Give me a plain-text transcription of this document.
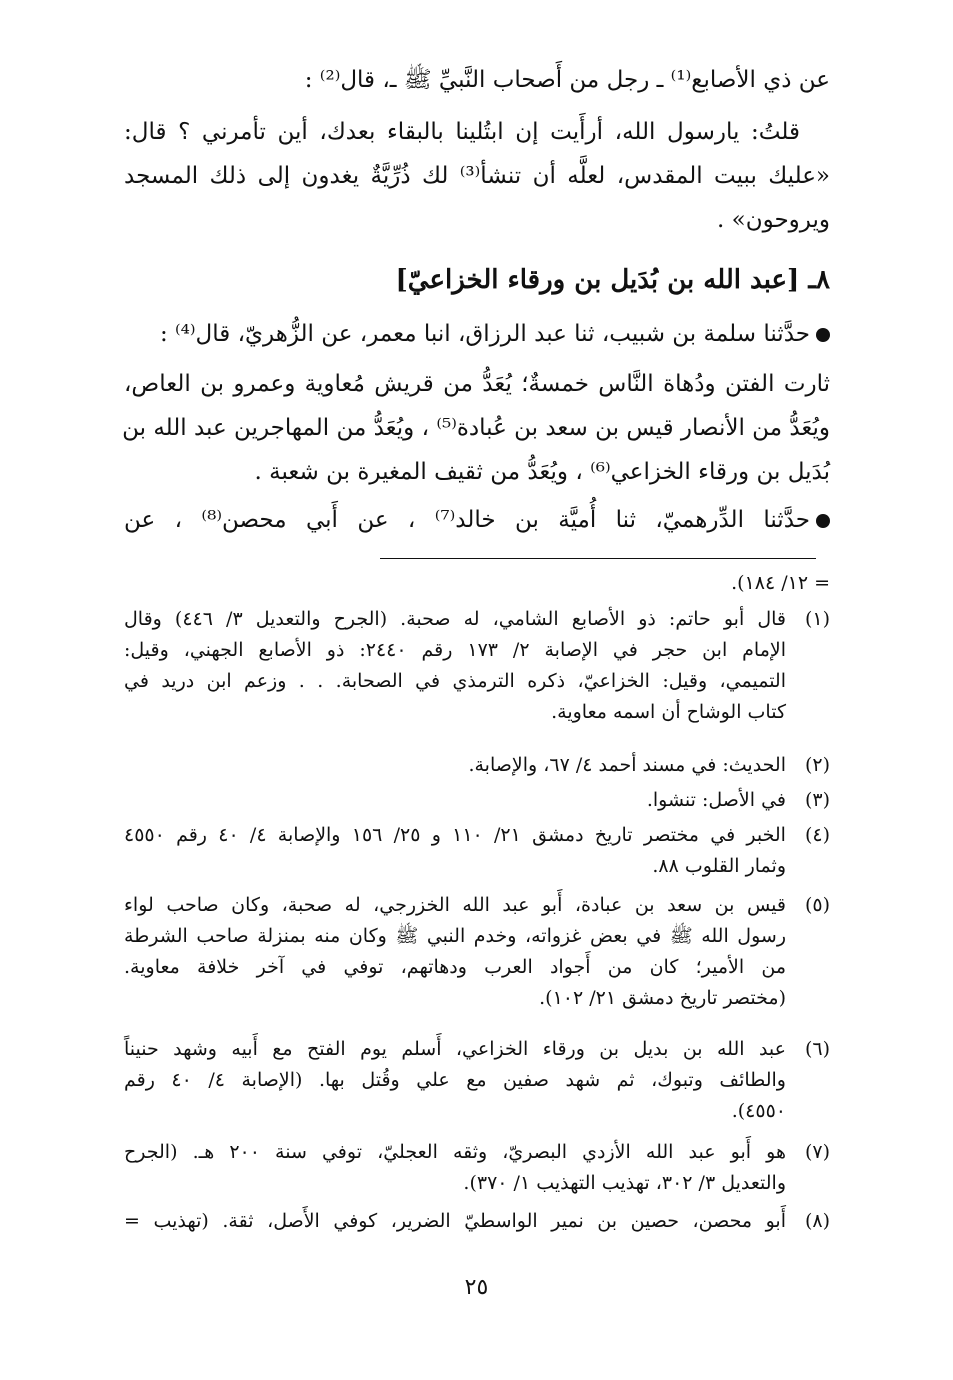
عن ذي الأصابع⁽¹⁾ ـ رجل من أَصحاب النَّبيِّ ﷺ ـ، قال⁽²⁾ :
قلتُ: يارسول الله، أرأَيت إن ابتُلينا بالبقاء بعدك، أين تأمرني ؟ قال:
«عليك ببيت المقدس، لعلَّه أن تنشأ⁽³⁾ لك ذُرِّيَّةٌ يغدون إلى ذلك المسجد
ويروحون» .
٨ـ [عبد الله بن بُدَيل بن ورقاء الخزاعيّ]
حدَّثنا سلمة بن شبيب، ثنا عبد الرزاق، انبا معمر، عن الزُّهريّ، قال⁽⁴⁾ :
ثارت الفتن ودُهاة النَّاس خمسةٌ؛ يُعَدُّ من قريش مُعاوية وعمرو بن العاص،
ويُعَدُّ من الأنصار قيس بن سعد بن عُبادة⁽⁵⁾ ، ويُعَدُّ من المهاجرين عبد الله بن
بُدَيل بن ورقاء الخزاعي⁽⁶⁾ ، ويُعَدُّ من ثقيف المغيرة بن شعبة .
حدَّثنا الدِّرهميّ، ثنا أُميَّة بن خالد⁽⁷⁾ ، عن أَبي محصن⁽⁸⁾ ، عن
= ١٢/ ١٨٤).
(١)
قال أبو حاتم: ذو الأصابع الشامي، له صحبة. (الجرح والتعديل ٣/ ٤٤٦) وقال
الإمام ابن حجر في الإصابة ٢/ ١٧٣ رقم ٢٤٤٠: ذو الأصابع الجهني، وقيل:
التميمي، وقيل: الخزاعيّ، ذكره الترمذي في الصحابة. . . وزعم ابن دريد في
كتاب الوشاح أن اسمه معاوية.
(٢)
الحديث: في مسند أحمد ٤/ ٦٧، والإصابة.
(٣)
في الأصل: تنشوا.
(٤)
الخبر في مختصر تاريخ دمشق ٢١/ ١١٠ و ٢٥/ ١٥٦ والإصابة ٤/ ٤٠ رقم ٤٥٥٠
وثمار القلوب ٨٨.
(٥)
قيس بن سعد بن عبادة، أَبو عبد الله الخزرجي، له صحبة، وكان صاحب لواء
رسول الله ﷺ في بعض غزواته، وخدم النبي ﷺ وكان منه بمنزلة صاحب الشرطة
من الأمير؛ كان من أَجواد العرب ودهاتهم، توفي في آخر خلافة معاوية.
(مختصر تاريخ دمشق ٢١/ ١٠٢).
(٦)
عبد الله بن بديل بن ورقاء الخزاعي، أَسلم يوم الفتح مع أَبيه وشهد حنيناً
والطائف وتبوك، ثم شهد صفين مع علي وقُتل بها. (الإصابة ٤/ ٤٠ رقم
٤٥٥٠).
(٧)
هو أَبو عبد الله الأزدي البصريّ، وثقه العجليّ، توفي سنة ٢٠٠ هـ. (الجرح
والتعديل ٣/ ٣٠٢، تهذيب التهذيب ١/ ٣٧٠).
(٨)
أَبو محصن، حصين بن نمير الواسطيّ الضرير، كوفي الأَصل، ثقة. (تهذيب =
٢٥
